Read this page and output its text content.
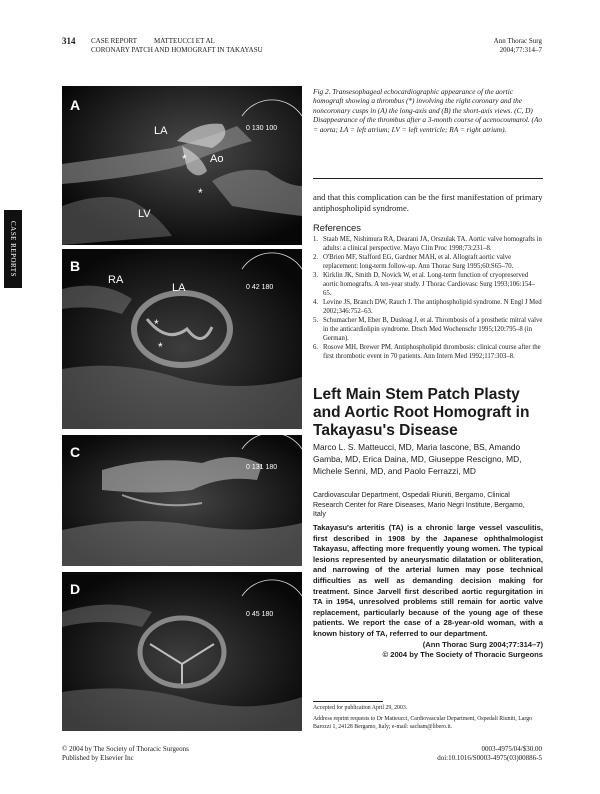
314 CASE REPORT MATTEUCCI ET AL
CORONARY PATCH AND HOMOGRAFT IN TAKAYASU
Ann Thorac Surg
2004;77:314–7
CASE REPORTS
A
0 130 100
LA
Ao
LV
*
*
B
0 42 180
LA
RA
*
*
C
0 131 180
D
0 45 180
Fig 2. Transesophageal echocardiographic appearance of the aortic homograft showing a thrombus (*) involving the right coronary and the noncoronary cusps in (A) the long-axis and (B) the short-axis views. (C, D) Disappearance of the thrombus after a 3-month course of acenocoumarol. (Ao = aorta; LA = left atrium; LV = left ventricle; RA = right atrium).
and that this complication can be the first manifestation of primary antiphospholipid syndrome.
References
1. Staab ME, Nishimura RA, Dearani JA, Orszulak TA. Aortic valve homografts in adults: a clinical perspective. Mayo Clin Proc 1998;73:231–8.
2. O'Brien MF, Stafford EG, Gardner MAH, et al. Allograft aortic valve replacement: long-term follow-up. Ann Thorac Surg 1995;60:S65–70.
3. Kirklin JK, Smith D, Novick W, et al. Long-term function of cryopreserved aortic homografts. A ten-year study. J Thorac Cardiovasc Surg 1993;106:154–65.
4. Levine JS, Branch DW, Rauch J. The antiphospholipid syndrome. N Engl J Med 2002;346:752–63.
5. Schumacher M, Eber B, Dusleag J, et al. Thrombosis of a prosthetic mitral valve in the anticardiolipin syndrome. Dtsch Med Wochenschr 1995;120:795–8 (in German).
6. Rosove MH, Brewer PM. Antiphospholipid thrombosis: clinical course after the first thrombotic event in 70 patients. Ann Intern Med 1992;117:303–8.
Left Main Stem Patch Plasty and Aortic Root Homograft in Takayasu's Disease
Marco L. S. Matteucci, MD, Maria Iascone, BS, Amando Gamba, MD, Erica Daina, MD, Giuseppe Rescigno, MD, Michele Senni, MD, and Paolo Ferrazzi, MD
Cardiovascular Department, Ospedali Riuniti, Bergamo, Clinical Research Center for Rare Diseases, Mario Negri Institute, Bergamo, Italy
Takayasu's arteritis (TA) is a chronic large vessel vasculitis, first described in 1908 by the Japanese ophthalmologist Takayasu, affecting more frequently young women. The typical lesions represented by aneurysmatic dilatation or obliteration, and narrowing of the arterial lumen may pose technical difficulties as well as demanding decision making for treatment. Since Jarvell first described aortic regurgitation in TA in 1954, unresolved problems still remain for aortic valve replacement, particularly because of the young age of these patients. We report the case of a 28-year-old woman, with a known history of TA, referred to our department.
(Ann Thorac Surg 2004;77:314–7)
© 2004 by The Society of Thoracic Surgeons
Accepted for publication April 29, 2003.
Address reprint requests to Dr Matteucci, Cardiovascular Department, Ospedali Riuniti, Largo Barozzi 1, 24128 Bergamo, Italy; e-mail: sacham@libero.it.
© 2004 by The Society of Thoracic Surgeons
Published by Elsevier Inc
0003-4975/04/$30.00
doi:10.1016/S0003-4975(03)00886-5
